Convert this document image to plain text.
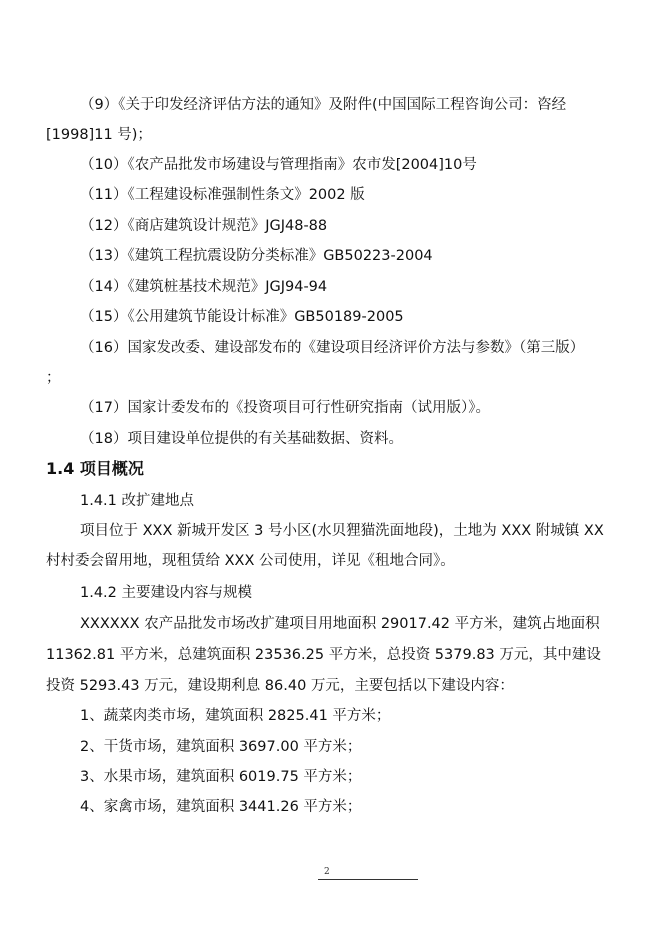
（9）《关于印发经济评估方法的通知》及附件(中国国际工程咨询公司：咨经
[1998]11 号)；
（10）《农产品批发市场建设与管理指南》农市发[2004]10号
（11）《工程建设标准强制性条文》2002 版
（12）《商店建筑设计规范》JGJ48-88
（13）《建筑工程抗震设防分类标准》GB50223-2004
（14）《建筑桩基技术规范》JGJ94-94
（15）《公用建筑节能设计标准》GB50189-2005
（16）国家发改委、建设部发布的《建设项目经济评价方法与参数》（第三版）
；
（17）国家计委发布的《投资项目可行性研究指南（试用版）》。
（18）项目建设单位提供的有关基础数据、资料。
1.4 项目概况
1.4.1 改扩建地点
项目位于 XXX 新城开发区 3 号小区(水贝狸猫洗面地段)，土地为 XXX 附城镇 XX
村村委会留用地，现租赁给 XXX 公司使用，详见《租地合同》。
1.4.2 主要建设内容与规模
XXXXXX 农产品批发市场改扩建项目用地面积 29017.42 平方米，建筑占地面积
11362.81 平方米，总建筑面积 23536.25 平方米，总投资 5379.83 万元，其中建设
投资 5293.43 万元，建设期利息 86.40 万元，主要包括以下建设内容：
1、蔬菜肉类市场，建筑面积 2825.41 平方米；
2、干货市场，建筑面积 3697.00 平方米；
3、水果市场，建筑面积 6019.75 平方米；
4、家禽市场，建筑面积 3441.26 平方米；
2
